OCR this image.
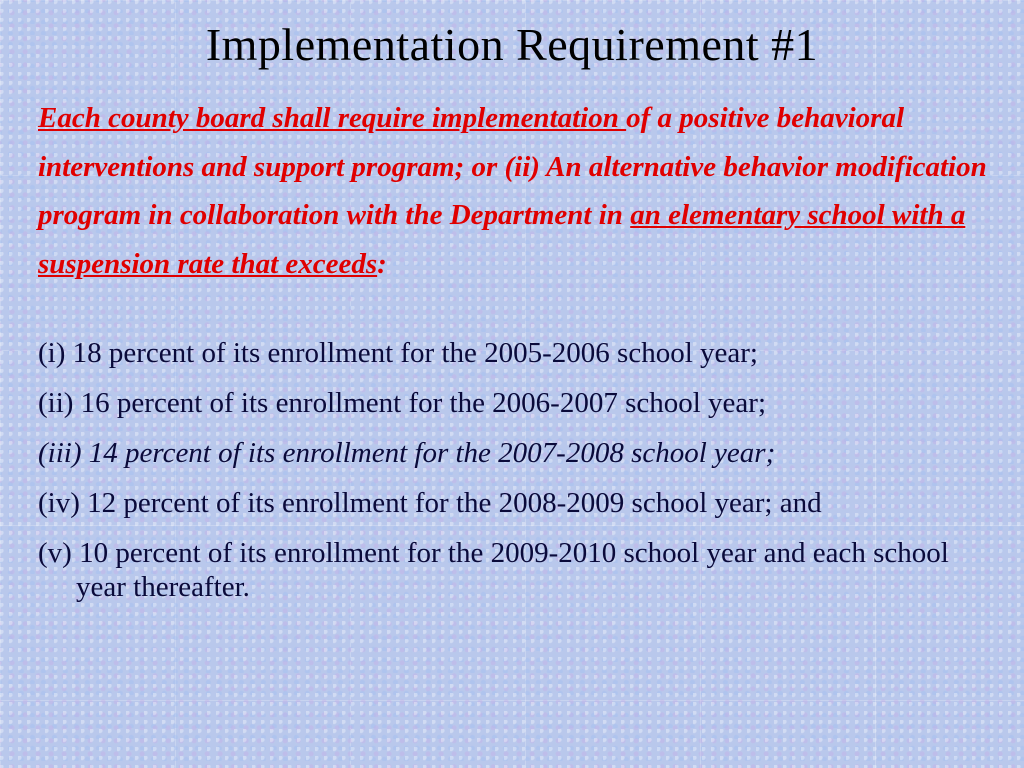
Implementation Requirement #1

Each county board shall require implementation of a positive behavioral interventions and support program; or (ii) An alternative behavior modification program in collaboration with the Department in an elementary school with a suspension rate that exceeds:

(i) 18 percent of its enrollment for the 2005-2006 school year;
(ii) 16 percent of its enrollment for the 2006-2007 school year;
(iii) 14 percent of its enrollment for the 2007-2008 school year;
(iv) 12 percent of its enrollment for the 2008-2009 school year; and
(v) 10 percent of its enrollment for the 2009-2010 school year and each school year thereafter.
